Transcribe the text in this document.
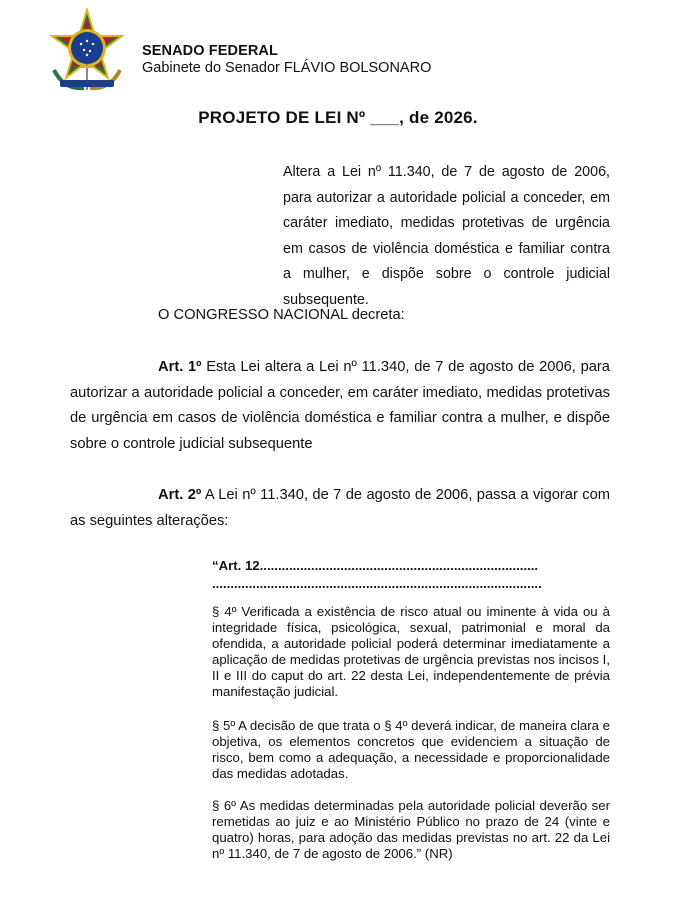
SENADO FEDERAL
Gabinete do Senador FLÁVIO BOLSONARO
PROJETO DE LEI Nº ___, de 2026.
Altera a Lei nº 11.340, de 7 de agosto de 2006, para autorizar a autoridade policial a conceder, em caráter imediato, medidas protetivas de urgência em casos de violência doméstica e familiar contra a mulher, e dispõe sobre o controle judicial subsequente.
O CONGRESSO NACIONAL decreta:
Art. 1º Esta Lei altera a Lei nº 11.340, de 7 de agosto de 2006, para autorizar a autoridade policial a conceder, em caráter imediato, medidas protetivas de urgência em casos de violência doméstica e familiar contra a mulher, e dispõe sobre o controle judicial subsequente
Art. 2º A Lei nº 11.340, de 7 de agosto de 2006, passa a vigorar com as seguintes alterações:
“Art. 12............................................................................
..........................................................................................
§ 4º Verificada a existência de risco atual ou iminente à vida ou à integridade física, psicológica, sexual, patrimonial e moral da ofendida, a autoridade policial poderá determinar imediatamente a aplicação de medidas protetivas de urgência previstas nos incisos I, II e III do caput do art. 22 desta Lei, independentemente de prévia manifestação judicial.
§ 5º A decisão de que trata o § 4º deverá indicar, de maneira clara e objetiva, os elementos concretos que evidenciem a situação de risco, bem como a adequação, a necessidade e proporcionalidade das medidas adotadas.
§ 6º As medidas determinadas pela autoridade policial deverão ser remetidas ao juiz e ao Ministério Público no prazo de 24 (vinte e quatro) horas, para adoção das medidas previstas no art. 22 da Lei nº 11.340, de 7 de agosto de 2006.” (NR)
